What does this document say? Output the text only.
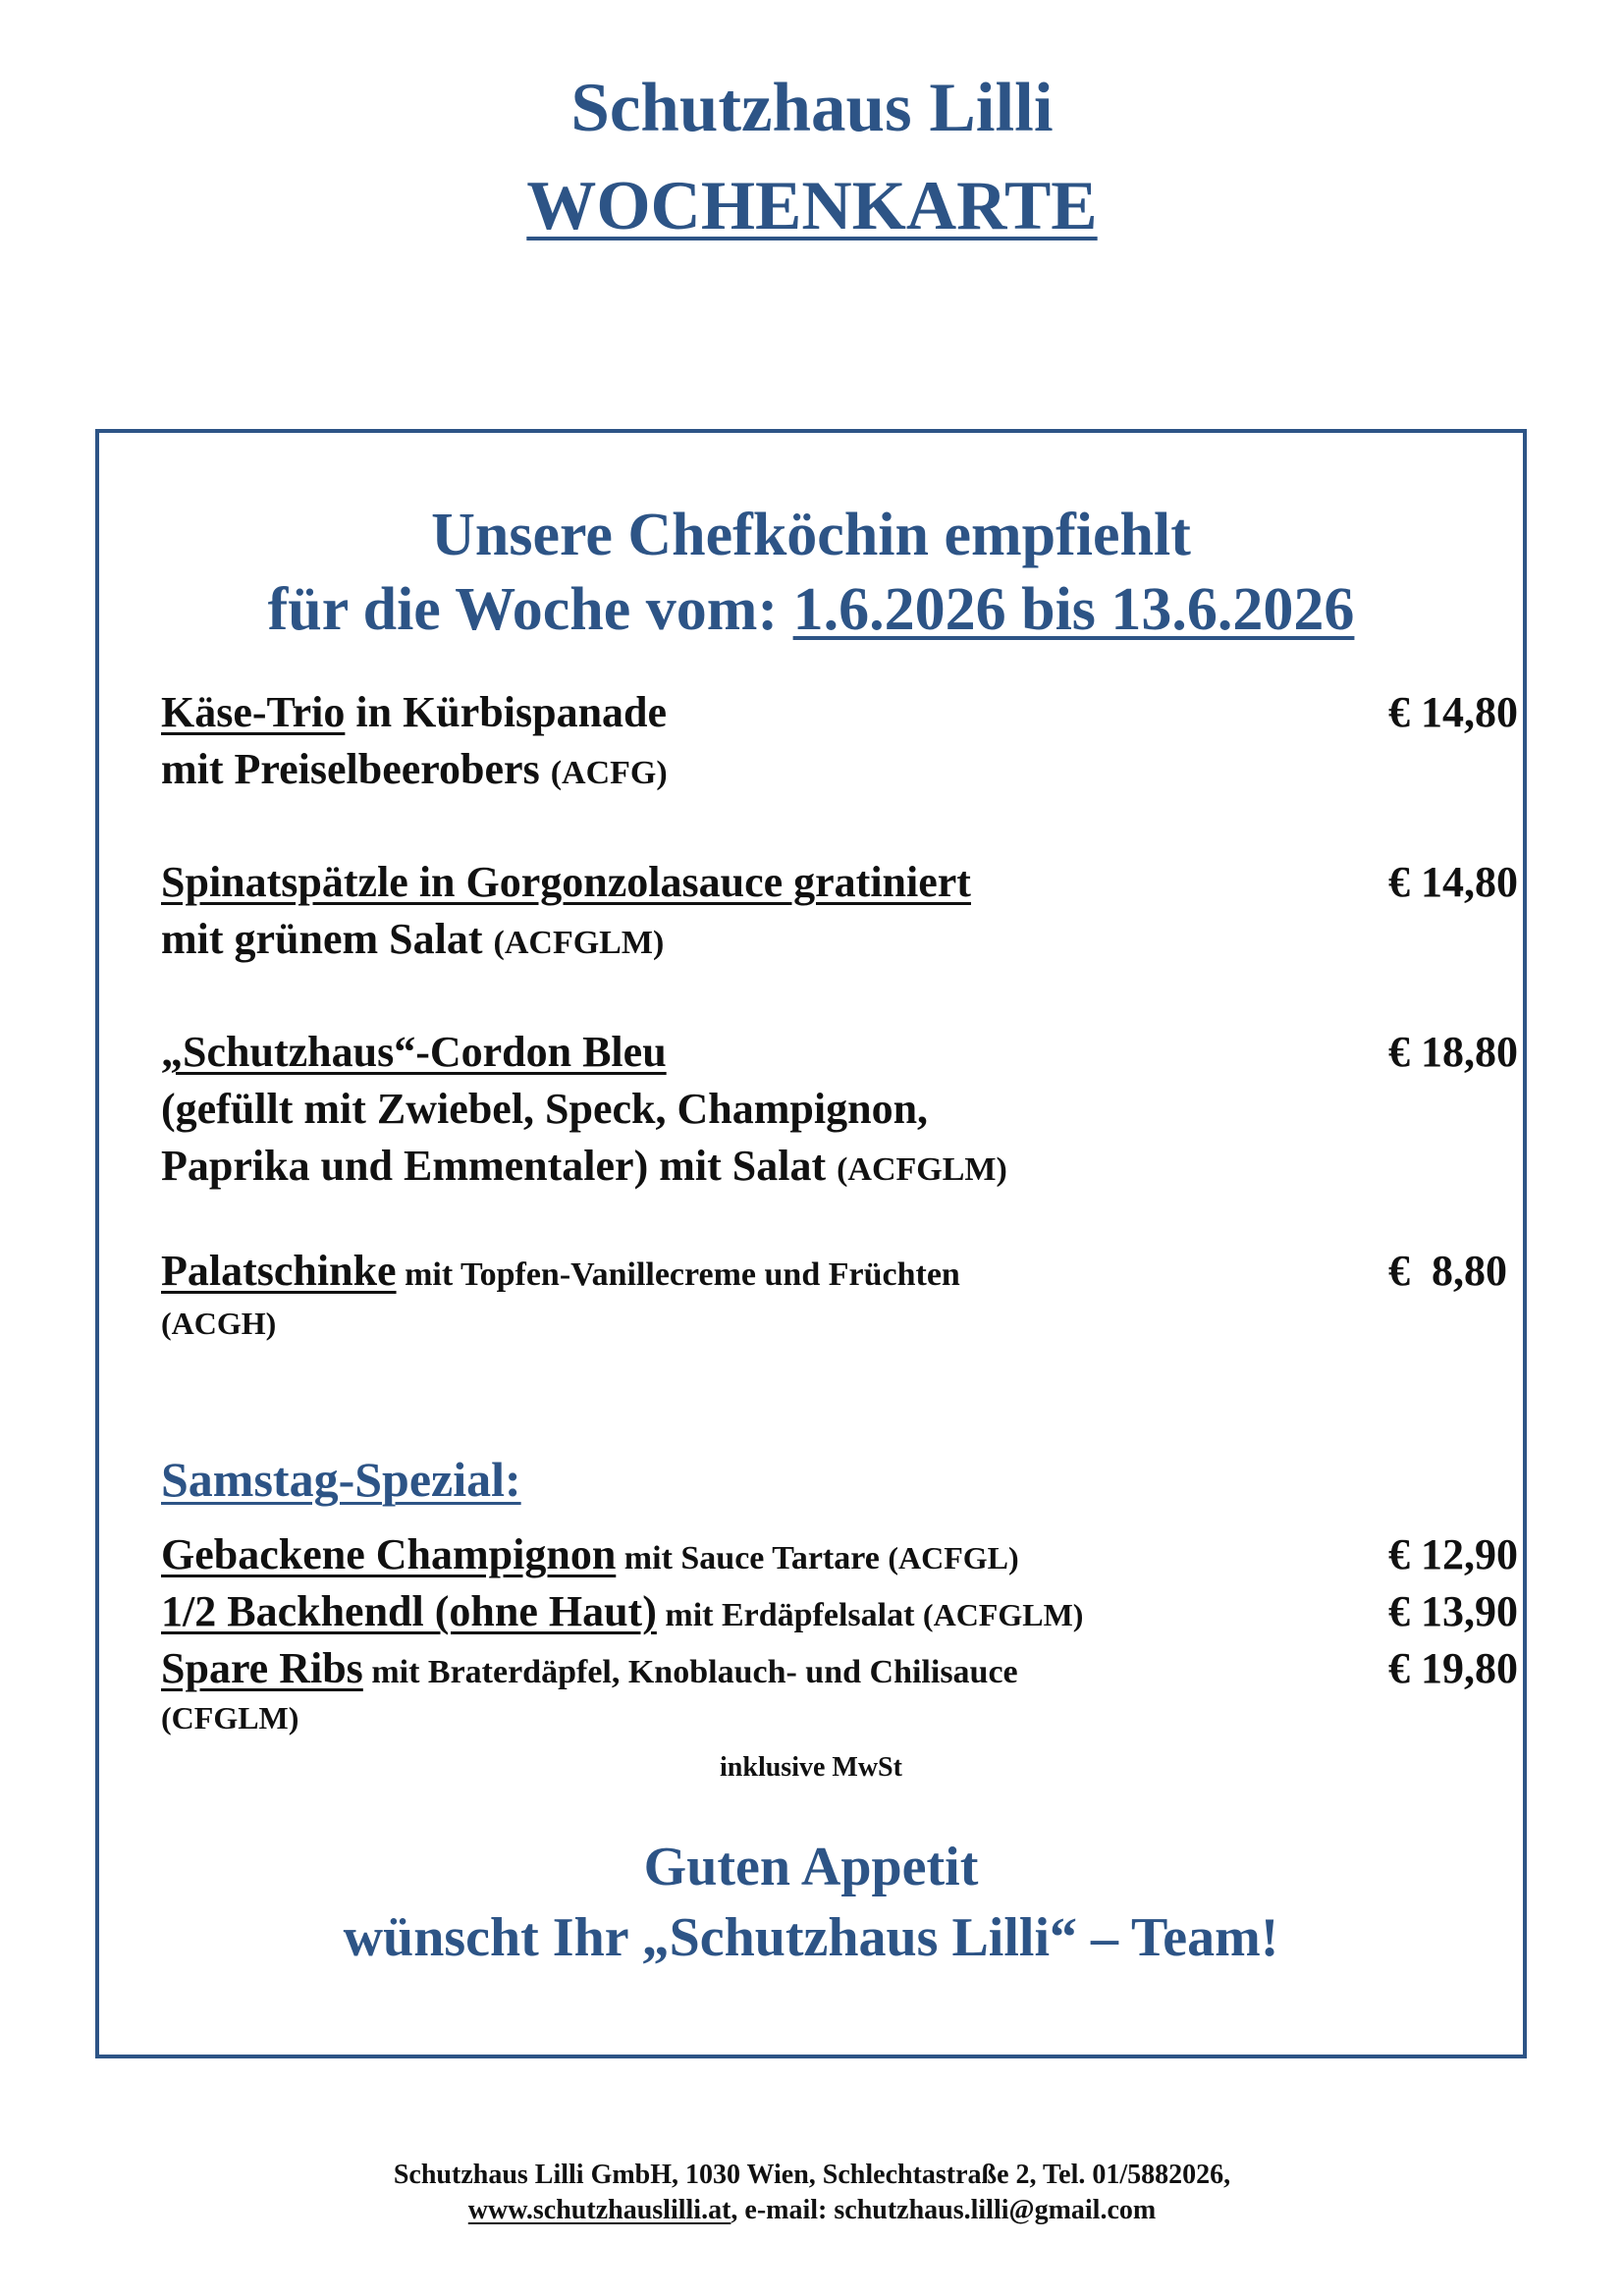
Schutzhaus Lilli
WOCHENKARTE
Unsere Chefköchin empfiehlt
für die Woche vom: 1.6.2026 bis 13.6.2026
Käse-Trio in Kürbispanade
mit Preiselbeerobers (ACFG)
€ 14,80
Spinatspätzle in Gorgonzolasauce gratiniert
mit grünem Salat (ACFGLM)
€ 14,80
„Schutzhaus“-Cordon Bleu
(gefüllt mit Zwiebel, Speck, Champignon,
Paprika und Emmentaler) mit Salat (ACFGLM)
€ 18,80
Palatschinke mit Topfen-Vanillecreme und Früchten
(ACGH)
€  8,80
Samstag-Spezial:
Gebackene Champignon mit Sauce Tartare (ACFGL)	€ 12,90
1/2 Backhendl (ohne Haut) mit Erdäpfelsalat (ACFGLM)	€ 13,90
Spare Ribs mit Braterdäpfel, Knoblauch- und Chilisauce
(CFGLM)
€ 19,80
inklusive MwSt
Guten Appetit
wünscht Ihr „Schutzhaus Lilli“ – Team!
Schutzhaus Lilli GmbH, 1030 Wien, Schlechtastraße 2, Tel. 01/5882026,
www.schutzhauslilli.at, e-mail: schutzhaus.lilli@gmail.com
